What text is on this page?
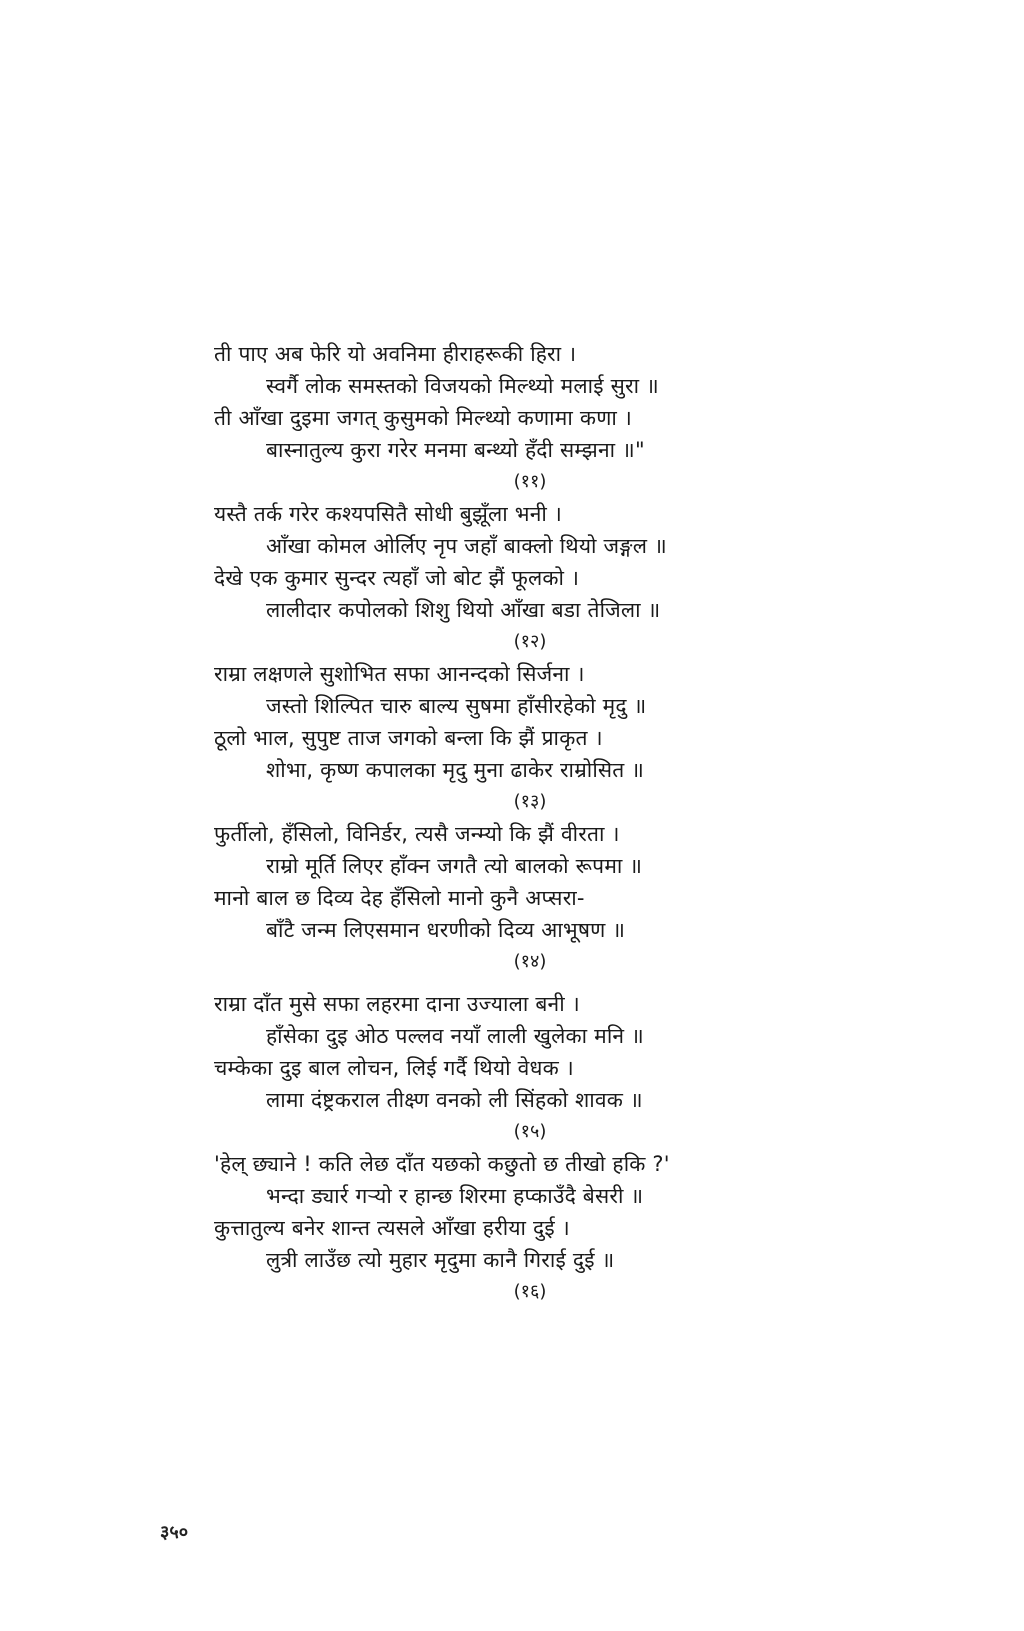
ती पाए अब फेरि यो अवनिमा हीराहरूकी हिरा ।
स्वर्गै लोक समस्तको विजयको मिल्थ्यो मलाई सुरा ॥
ती आँखा दुइमा जगत् कुसुमको मिल्थ्यो कणामा कणा ।
बास्नातुल्य कुरा गरेर मनमा बन्थ्यो हँदी सम्झना ॥"
(११)
यस्तै तर्क गरेर कश्यपसितै सोधी बुझूँला भनी ।
आँखा कोमल ओर्लिए नृप जहाँ बाक्लो थियो जङ्गल ॥
देखे एक कुमार सुन्दर त्यहाँ जो बोट झैं फूलको ।
लालीदार कपोलको शिशु थियो आँखा बडा तेजिला ॥
(१२)
राम्रा लक्षणले सुशोभित सफा आनन्दको सिर्जना ।
जस्तो शिल्पित चारु बाल्य सुषमा हाँसीरहेको मृदु ॥
ठूलो भाल, सुपुष्ट ताज जगको बन्ला कि झैं प्राकृत ।
शोभा, कृष्ण कपालका मृदु मुना ढाकेर राम्रोसित ॥
(१३)
फुर्तीलो, हँसिलो, विनिर्डर, त्यसै जन्म्यो कि झैं वीरता ।
राम्रो मूर्ति लिएर हाँक्न जगतै त्यो बालको रूपमा ॥
मानो बाल छ दिव्य देह हँसिलो मानो कुनै अप्सरा-
बाँटै जन्म लिएसमान धरणीको दिव्य आभूषण ॥
(१४)
राम्रा दाँत मुसे सफा लहरमा दाना उज्याला बनी ।
हाँसेका दुइ ओठ पल्लव नयाँ लाली खुलेका मनि ॥
चम्केका दुइ बाल लोचन, लिई गर्दै थियो वेधक ।
लामा दंष्ट्रकराल तीक्ष्ण वनको ली सिंहको शावक ॥
(१५)
'हेल् छ्याने ! कति लेछ दाँत यछको कछुतो छ तीखो हकि ?'
भन्दा ड्यार्र गऱ्यो र हान्छ शिरमा हप्काउँदै बेसरी ॥
कुत्तातुल्य बनेर शान्त त्यसले आँखा हरीया दुई ।
लुत्री लाउँछ त्यो मुहार मृदुमा कानै गिराई दुई ॥
(१६)
३५०
